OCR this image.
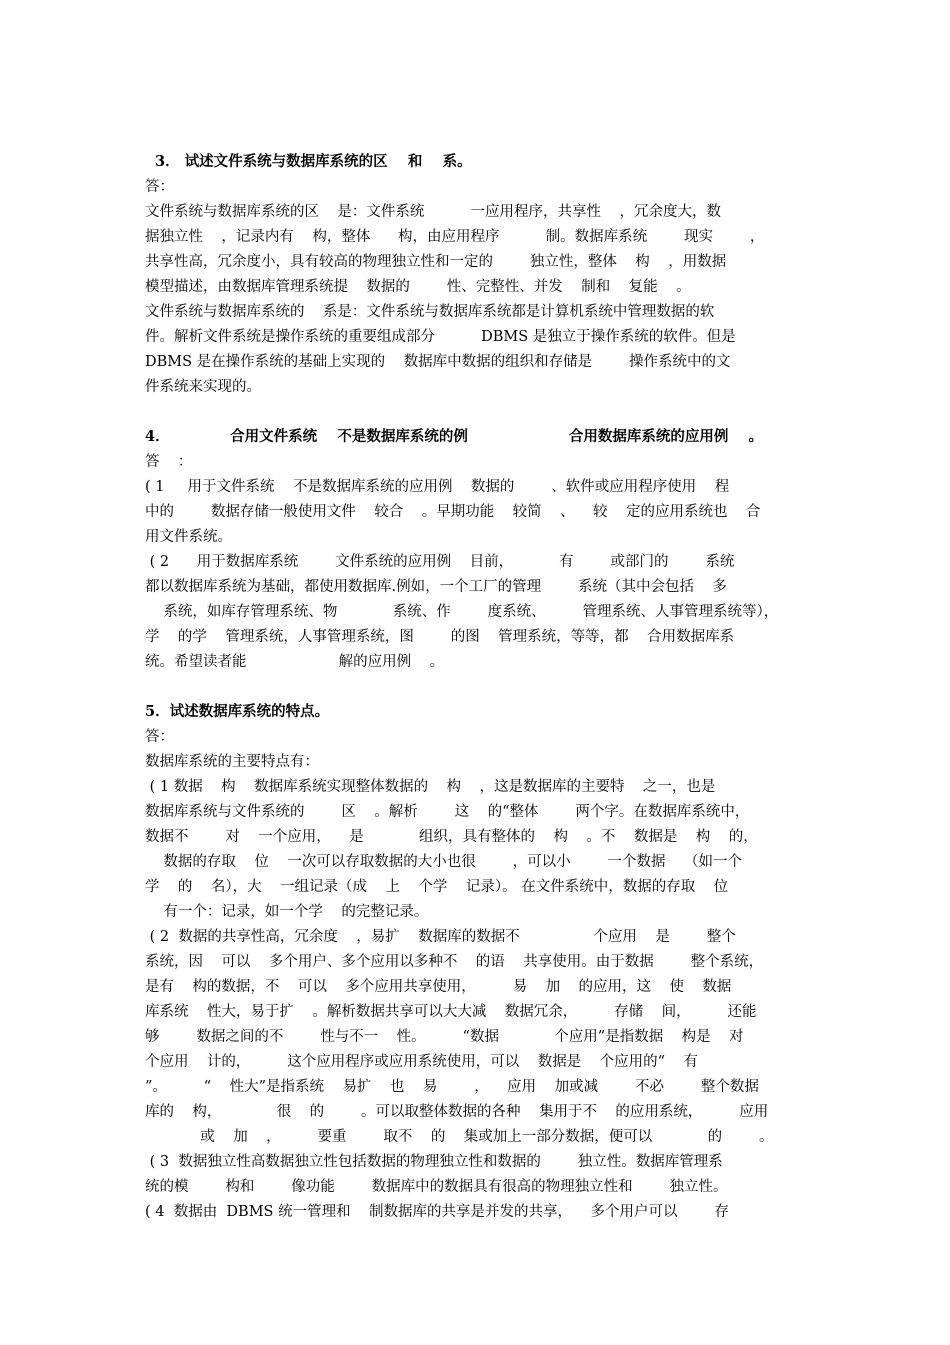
3． 试述文件系统与数据库系统的区    和    系。
答：
文件系统与数据库系统的区    是：文件系统          一应用程序，共享性    ，冗余度大，数
据独立性    ，记录内有    构，整体      构，由应用程序          制。数据库系统        现实        ，
共享性高，冗余度小，具有较高的物理独立性和一定的        独立性，整体    构    ，用数据
模型描述，由数据库管理系统提    数据的        性、完整性、并发    制和    复能    。
文件系统与数据库系统的    系是：文件系统与数据库系统都是计算机系统中管理数据的软
件。解析文件系统是操作系统的重要组成部分          DBMS 是独立于操作系统的软件。但是
DBMS 是在操作系统的基础上实现的    数据库中数据的组织和存储是        操作系统中的文
件系统来实现的。
4．            合用文件系统    不是数据库系统的例                    合用数据库系统的应用例    。
答    ：
( 1     用于文件系统    不是数据库系统的应用例    数据的        、软件或应用程序使用    程
中的        数据存储一般使用文件    较合    。早期功能    较简    、    较    定的应用系统也    合
用文件系统。
( 2      用于数据库系统        文件系统的应用例    目前，          有        或部门的        系统
都以数据库系统为基础，都使用数据库.例如，一个工厂的管理        系统（其中会包括    多
系统，如库存管理系统、物            系统、作        度系统、        管理系统、人事管理系统等），
学    的学    管理系统，人事管理系统，图        的图    管理系统，等等，都    合用数据库系
统。希望读者能                    解的应用例    。
5．试述数据库系统的特点。
答：
数据库系统的主要特点有：
( 1 数据    构    数据库系统实现整体数据的    构    ，这是数据库的主要特    之一，也是
数据库系统与文件系统的        区    。解析        这    的“整体        两个字。在数据库系统中，
数据不        对    一个应用，    是            组织，具有整体的    构    。不    数据是    构    的，
数据的存取    位    一次可以存取数据的大小也很        ，可以小        一个数据    （如一个
学    的    名），大    一组记录（成    上    个学    记录）。 在文件系统中，数据的存取    位
有一个：记录，如一个学    的完整记录。
( 2  数据的共享性高，冗余度    ，易扩    数据库的数据不                个应用    是        整个
系统，因    可以    多个用户、多个应用以多种不    的语    共享使用。由于数据        整个系统，
是有    构的数据，不    可以    多个应用共享使用，        易    加    的应用，这    使    数据
库系统    性大，易于扩    。解析数据共享可以大大减    数据冗余，        存储    间，        还能
够        数据之间的不        性与不一    性。        “数据            个应用”是指数据    构是    对
个应用    计的，        这个应用程序或应用系统使用，可以    数据是    个应用的“    有
”。        “    性大”是指系统    易扩    也    易        ，    应用    加或减        不必        整个数据
库的    构，            很    的        。可以取整体数据的各种    集用于不    的应用系统，        应用
或    加    ，        要重        取不    的    集或加上一部分数据，便可以            的        。
( 3  数据独立性高数据独立性包括数据的物理独立性和数据的        独立性。数据库管理系
统的模        构和        像功能        数据库中的数据具有很高的物理独立性和        独立性。
( 4  数据由  DBMS 统一管理和    制数据库的共享是并发的共享，    多个用户可以        存
